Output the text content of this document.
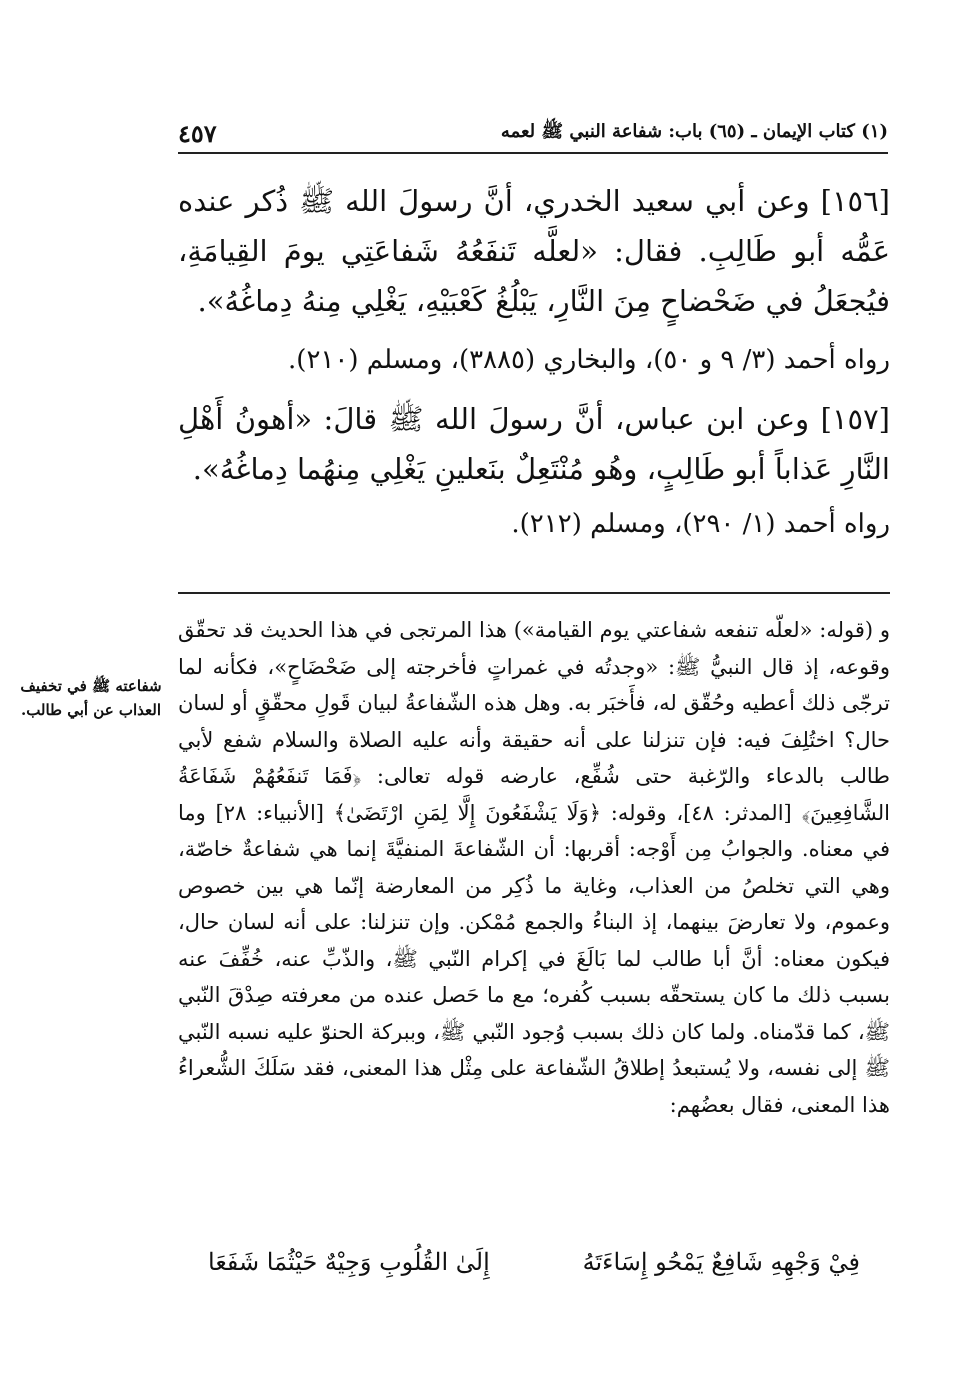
(١) كتاب الإيمان ـ (٦٥) باب: شفاعة النبي ﷺ لعمه
٤٥٧

[١٥٦] وعن أبي سعيد الخدري، أنَّ رسولَ الله ﷺ ذُكر عنده عَمُّه أبو طَالِبِ. فقال: «لعلَّه تَنفَعُهُ شَفاعَتِي يومَ القِيامَةِ، فيُجعَلُ في ضَحْضاحٍ مِنَ النَّارِ، يَبْلُغُ كَعْبَيْهِ، يَغْلِي مِنهُ دِماغُهُ».

رواه أحمد (٣/ ٩ و ٥٠)، والبخاري (٣٨٨٥)، ومسلم (٢١٠).

[١٥٧] وعن ابن عباس، أنَّ رسولَ الله ﷺ قالَ: «أهونُ أَهْلِ النَّارِ عَذاباً أبو طَالِبٍ، وهُو مُنْتَعِلٌ بنَعلينِ يَغْلِي مِنهُما دِماغُهُ».

رواه أحمد (١/ ٢٩٠)، ومسلم (٢١٢).

و (قوله: «لعلّه تنفعه شفاعتي يوم القيامة») هذا المرتجى في هذا الحديث قد تحقّق وقوعه، إذ قال النبيُّ ﷺ: «وجدتُه في غمراتٍ فأخرجته إلى ضَحْضَاحٍ»، فكأنه لما ترجّى ذلك أعطيه وحُقّق له، فأَخبَر به. وهل هذه الشّفاعةُ لبيان قَولِ محقّقٍ أو لسان حال؟ اختُلِفَ فيه: فإن تنزلنا على أنه حقيقة وأنه عليه الصلاة والسلام شفع لأبي طالب بالدعاء والرّغبة حتى شُفِّع، عارضه قوله تعالى: ﴿فَمَا تَنفَعُهُمْ شَفَاعَةُ الشَّافِعِينَ﴾ [المدثر: ٤٨]، وقوله: ﴿وَلَا يَشْفَعُونَ إِلَّا لِمَنِ ارْتَضَىٰ﴾ [الأنبياء: ٢٨] وما في معناه. والجوابُ مِن أَوْجه: أقربها: أن الشّفاعةَ المنفيَّةَ إنما هي شفاعةٌ خاصّة، وهي التي تخلصُ من العذاب، وغاية ما ذُكِر من المعارضة إنّما هي بين خصوص وعموم، ولا تعارضَ بينهما، إذ البناءُ والجمع مُمْكن. وإن تنزلنا: على أنه لسان حال، فيكون معناه: أنَّ أبا طالب لما بَالَغَ في إكرام النّبي ﷺ، والذّبِّ عنه، خُفِّفَ عنه بسبب ذلك ما كان يستحقّه بسبب كُفره؛ مع ما حَصل عنده من معرفته صِدْقَ النّبي ﷺ، كما قدّمناه. ولما كان ذلك بسبب وُجود النّبي ﷺ، وببركة الحنوّ عليه نسبه النّبي ﷺ إلى نفسه، ولا يُستبعدُ إطلاقُ الشّفاعة على مِثْل هذا المعنى، فقد سَلَكَ الشُّعراءُ هذا المعنى، فقال بعضُهم:

شفاعته ﷺ في تخفيف العذاب عن أبي طالب.
فِيْ وَجْهِهِ شَافِعٌ يَمْحُو إِسَاءَتَهُ
إِلَىٰ القُلُوبِ وَجِيْهٌ حَيْثُمَا شَفَعَا
